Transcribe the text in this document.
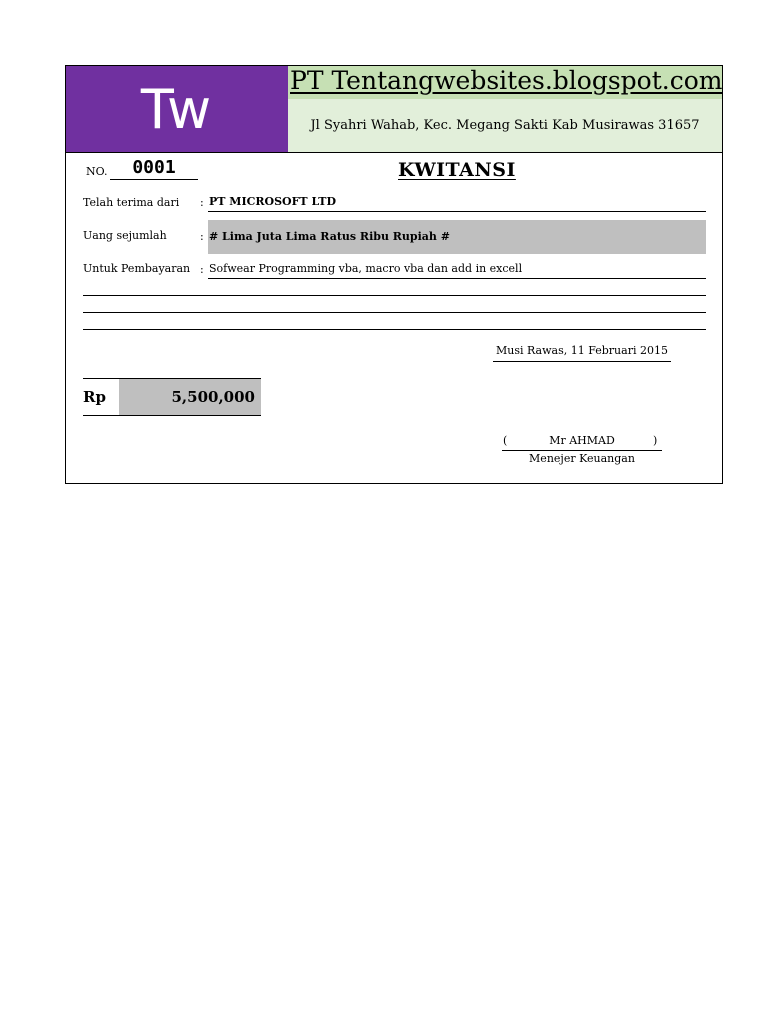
Tw	PT Tentangwebsites.blogspot.com
Jl Syahri Wahab, Kec. Megang Sakti Kab Musirawas 31657
NO.	0001	KWITANSI
Telah terima dari : PT MICROSOFT LTD
Uang sejumlah	: # Lima Juta Lima Ratus Ribu Rupiah #
Untuk Pembayaran : Sofwear Programming vba, macro vba dan add in excell
Musi Rawas, 11 Februari 2015
Rp	5,500,000
Mr AHMAD
(	)
Menejer Keuangan
